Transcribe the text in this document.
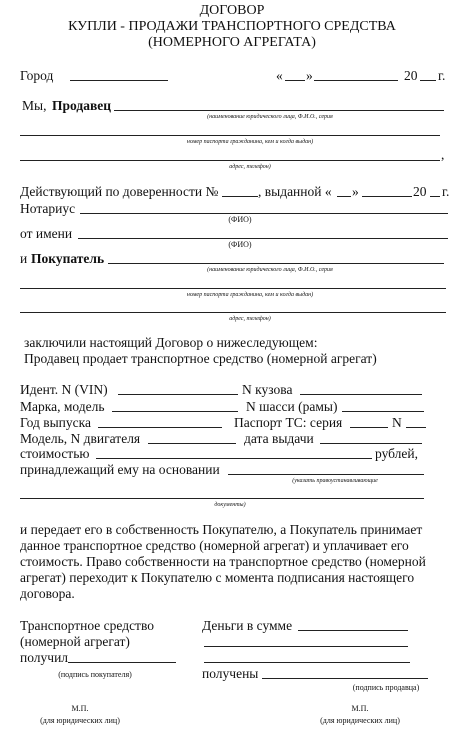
ДОГОВОР
КУПЛИ - ПРОДАЖИ ТРАНСПОРТНОГО СРЕДСТВА
(НОМЕРНОГО АГРЕГАТА)
Город	« »	20 г.
Мы, Продавец
(наименование юридического лица, Ф.И.О., серия
номер паспорта гражданина, кем и когда выдан)
,
адрес, телефон)
Действующий по доверенности №	, выданной « »	20 г.
Нотариус
(ФИО)
от имени
(ФИО)
и Покупатель
(наименование юридического лица, Ф.И.О., серия
номер паспорта гражданина, кем и когда выдан)
адрес, телефон)
заключили настоящий Договор о нижеследующем:
Продавец продает транспортное средство (номерной агрегат)
Идент. N (VIN)	N кузова
Марка, модель	N шасси (рамы)
Год выпуска	Паспорт ТС: серия	N
Модель, N двигателя	дата выдачи
стоимостью	рублей,
принадлежащий ему на основании
(указать правоустанавливающие
документы)
и передает его в собственность Покупателю, а Покупатель принимает
данное транспортное средство (номерной агрегат) и уплачивает его
стоимость. Право собственности на транспортное средство (номерной
агрегат) переходит к Покупателю с момента подписания настоящего
договора.
Транспортное средство
(номерной агрегат)
получил
(подпись покупателя)
Деньги в сумме
получены
(подпись продавца)
М.П.
(для юридических лиц)
М.П.
(для юридических лиц)
